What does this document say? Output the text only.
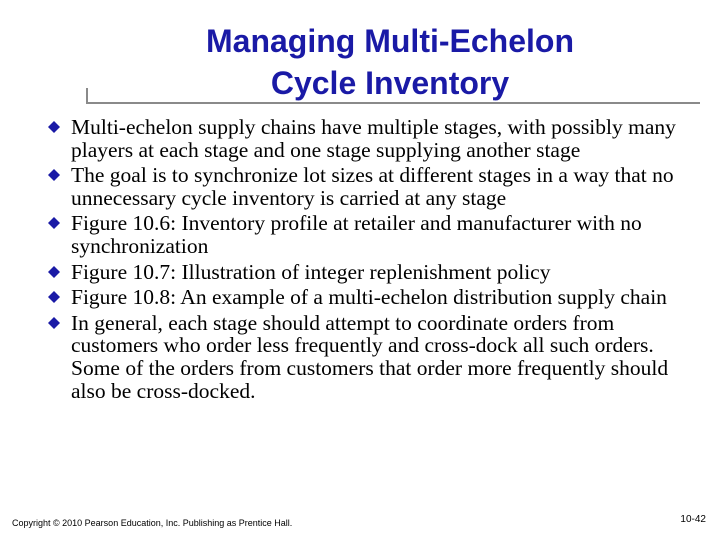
Managing Multi-Echelon
Cycle Inventory
Multi-echelon supply chains have multiple stages, with possibly many players at each stage and one stage supplying another stage
The goal is to synchronize lot sizes at different stages in a way that no unnecessary cycle inventory is carried at any stage
Figure 10.6: Inventory profile at retailer and manufacturer with no synchronization
Figure 10.7: Illustration of integer replenishment policy
Figure 10.8: An example of a multi-echelon distribution supply chain
In general, each stage should attempt to coordinate orders from customers who order less frequently and cross-dock all such orders. Some of the orders from customers that order more frequently should also be cross-docked.
Copyright © 2010 Pearson Education, Inc. Publishing as Prentice Hall.	10-42
